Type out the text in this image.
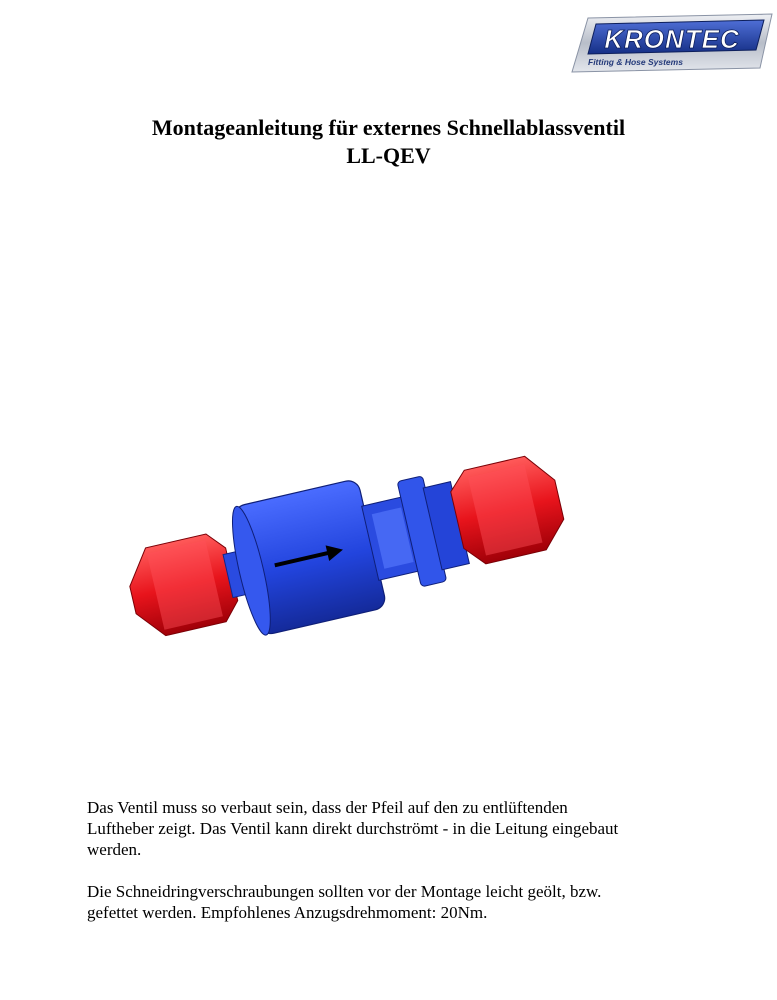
KRONTEC
Fitting & Hose Systems
Montageanleitung für externes Schnellablassventil
LL-QEV

Das Ventil muss so verbaut sein, dass der Pfeil auf den zu entlüftenden

Luftheber zeigt. Das Ventil kann direkt durchströmt - in die Leitung eingebaut

werden.

Die Schneidringverschraubungen sollten vor der Montage leicht geölt, bzw.

gefettet werden. Empfohlenes Anzugsdrehmoment: 20Nm.
